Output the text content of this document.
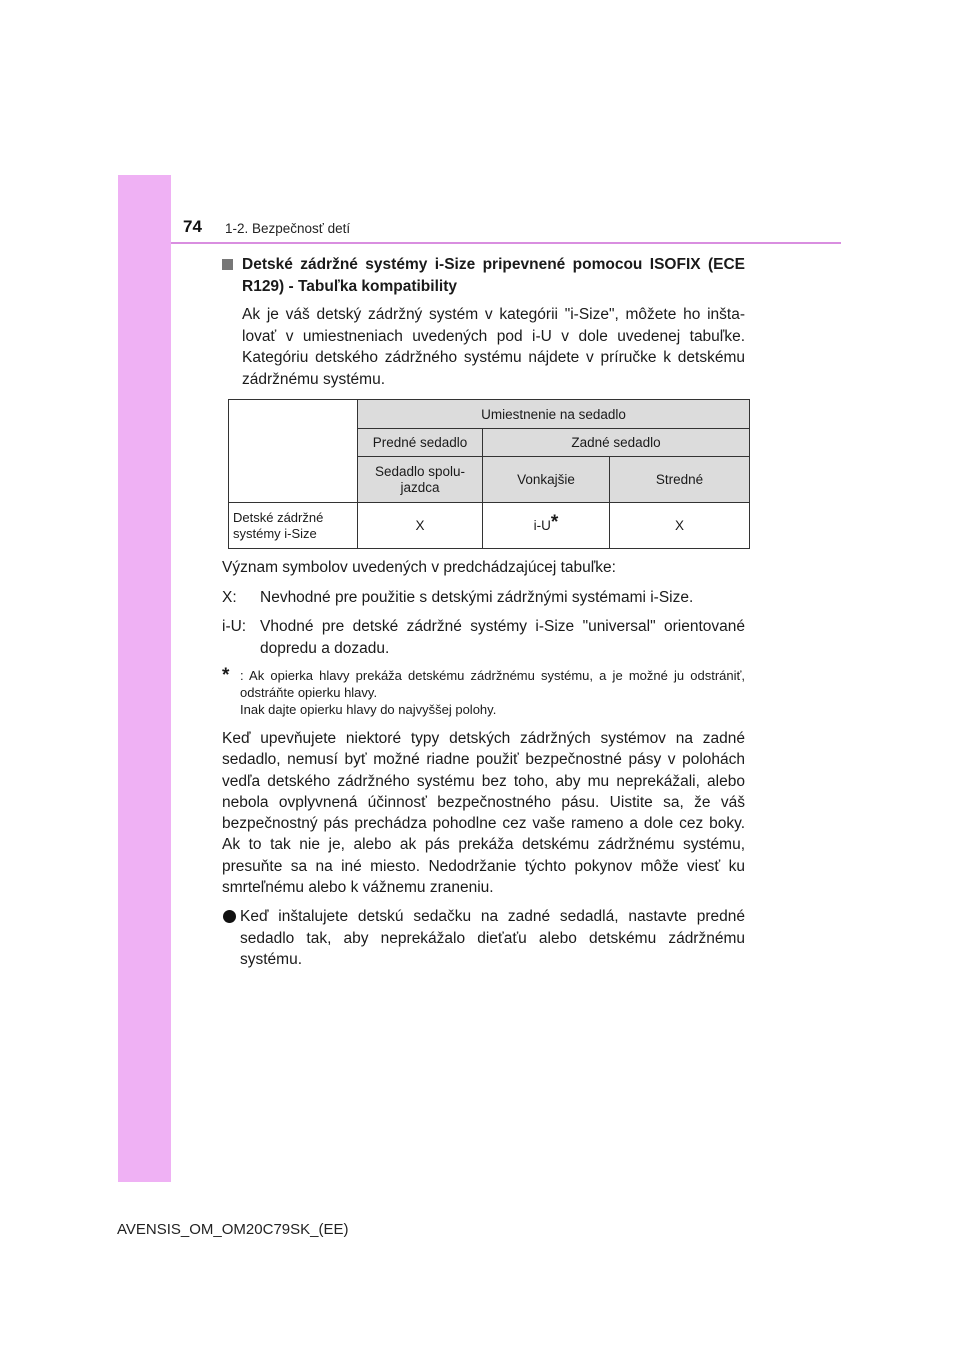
74 1-2. Bezpečnosť detí

Detské zádržné systémy i-Size pripevnené pomocou ISOFIX (ECE R129) - Tabuľka kompatibility

Ak je váš detský zádržný systém v kategórii "i-Size", môžete ho inštalovať v umiestneniach uvedených pod i-U v dole uvedenej tabuľke. Kategóriu detského zádržného systému nájdete v príručke k detskému zádržnému systému.

	Umiestnenie na sedadlo		
	Predné sedadlo	Zadné sedadlo	
	Sedadlo spolujazdca	Vonkajšie	Stredné
Detské zádržné systémy i-Size	X	i-U*	X

Význam symbolov uvedených v predchádzajúcej tabuľke:

X:	Nevhodné pre použitie s detskými zádržnými systémami i-Size.
i-U: Vhodné pre detské zádržné systémy i-Size "universal" orientované dopredu a dozadu.
* : Ak opierka hlavy prekáža detskému zádržnému systému, a je možné ju odstrániť, odstráňte opierku hlavy.
Inak dajte opierku hlavy do najvyššej polohy.

Keď upevňujete niektoré typy detských zádržných systémov na zadné sedadlo, nemusí byť možné riadne použiť bezpečnostné pásy v polohách vedľa detského zádržného systému bez toho, aby mu neprekážali, alebo nebola ovplyvnená účinnosť bezpečnostného pásu. Uistite sa, že váš bezpečnostný pás prechádza pohodlne cez vaše rameno a dole cez boky. Ak to tak nie je, alebo ak pás prekáža detskému zádržnému systému, presuňte sa na iné miesto. Nedodržanie týchto pokynov môže viesť ku smrteľnému alebo k vážnemu zraneniu.

Keď inštalujete detskú sedačku na zadné sedadlá, nastavte predné sedadlo tak, aby neprekážalo dieťaťu alebo detskému zádržnému systému.
AVENSIS_OM_OM20C79SK_(EE)
